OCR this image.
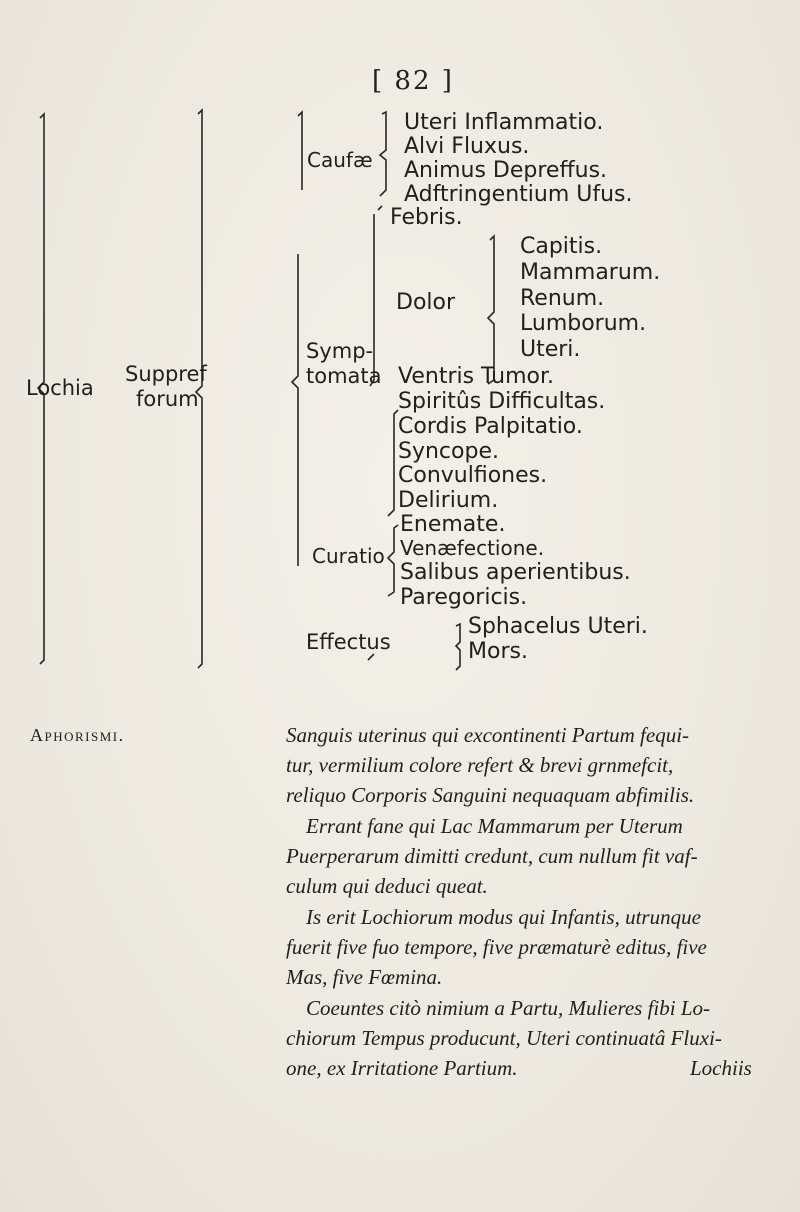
[ 82 ]
Lochia
Suppref
forum
Caufæ
Uteri Inflammatio.
Alvi Fluxus.
Animus Depreffus.
Adftringentium Ufus.
Febris.
Symp-
tomata
Dolor
Capitis.
Mammarum.
Renum.
Lumborum.
Uteri.
Ventris Tumor.
Spiritûs Difficultas.
Cordis Palpitatio.
Syncope.
Convulfiones.
Delirium.
Curatio
Enemate.
Venæfectione.
Salibus aperientibus.
Paregoricis.
Effectus
Sphacelus Uteri.
Mors.
Aphorismi.	Sanguis uterinus qui excontinenti Partum fequi-
tur, vermilium colore refert & brevi grnmefcit,
reliquo Corporis Sanguini nequaquam abfimilis.
Errant fane qui Lac Mammarum per Uterum
Puerperarum dimitti credunt, cum nullum fit vaf-
culum qui deduci queat.
Is erit Lochiorum modus qui Infantis, utrunque
fuerit five fuo tempore, five præmaturè editus, five
Mas, five Fœmina.
Coeuntes citò nimium a Partu, Mulieres fibi Lo-
chiorum Tempus producunt, Uteri continuatâ Fluxi-
one, ex Irritatione Partium.	Lochiis
